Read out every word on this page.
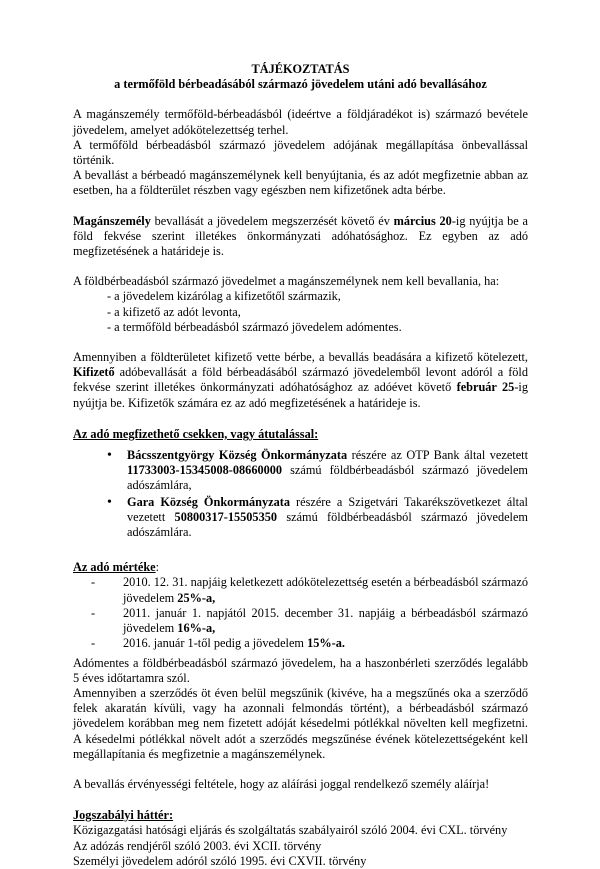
TÁJÉKOZTATÁS

a termőföld bérbeadásából származó jövedelem utáni adó bevallásához

A magánszemély termőföld-bérbeadásból (ideértve a földjáradékot is) származó bevétele jövedelem, amelyet adókötelezettség terhel.

A termőföld bérbeadásból származó jövedelem adójának megállapítása önbevallással történik.

A bevallást a bérbeadó magánszemélynek kell benyújtania, és az adót megfizetnie abban az esetben, ha a földterület részben vagy egészben nem kifizetőnek adta bérbe.

Magánszemély bevallását a jövedelem megszerzését követő év március 20-ig nyújtja be a föld fekvése szerint illetékes önkormányzati adóhatósághoz. Ez egyben az adó megfizetésének a határideje is.

A földbérbeadásból származó jövedelmet a magánszemélynek nem kell bevallania, ha:

- a jövedelem kizárólag a kifizetőtől származik,
- a kifizető az adót levonta,
- a termőföld bérbeadásból származó jövedelem adómentes.

Amennyiben a földterületet kifizető vette bérbe, a bevallás beadására a kifizető kötelezett, Kifizető adóbevallását a föld bérbeadásából származó jövedelemből levont adóról a föld fekvése szerint illetékes önkormányzati adóhatósághoz az adóévet követő február 25-ig nyújtja be. Kifizetők számára ez az adó megfizetésének a határideje is.

Az adó megfizethető csekken, vagy átutalással:

• Bácsszentgyörgy Község Önkormányzata részére az OTP Bank által vezetett 11733003-15345008-08660000 számú földbérbeadásból származó jövedelem adószámlára,
• Gara Község Önkormányzata részére a Szigetvári Takarékszövetkezet által vezetett 50800317-15505350 számú földbérbeadásból származó jövedelem adószámlára.

Az adó mértéke:

- 2010. 12. 31. napjáig keletkezett adókötelezettség esetén a bérbeadásból származó jövedelem 25%-a,
- 2011. január 1. napjától 2015. december 31. napjáig a bérbeadásból származó jövedelem 16%-a,
- 2016. január 1-től pedig a jövedelem 15%-a.

Adómentes a földbérbeadásból származó jövedelem, ha a haszonbérleti szerződés legalább 5 éves időtartamra szól.

Amennyiben a szerződés öt éven belül megszűnik (kivéve, ha a megszűnés oka a szerződő felek akaratán kívüli, vagy ha azonnali felmondás történt), a bérbeadásból származó jövedelem korábban meg nem fizetett adóját késedelmi pótlékkal növelten kell megfizetni. A késedelmi pótlékkal növelt adót a szerződés megszűnése évének kötelezettségeként kell megállapítania és megfizetnie a magánszemélynek.

A bevallás érvényességi feltétele, hogy az aláírási joggal rendelkező személy aláírja!

Jogszabályi háttér:

Közigazgatási hatósági eljárás és szolgáltatás szabályairól szóló 2004. évi CXL. törvény

Az adózás rendjéről szóló 2003. évi XCII. törvény

Személyi jövedelem adóról szóló 1995. évi CXVII. törvény
